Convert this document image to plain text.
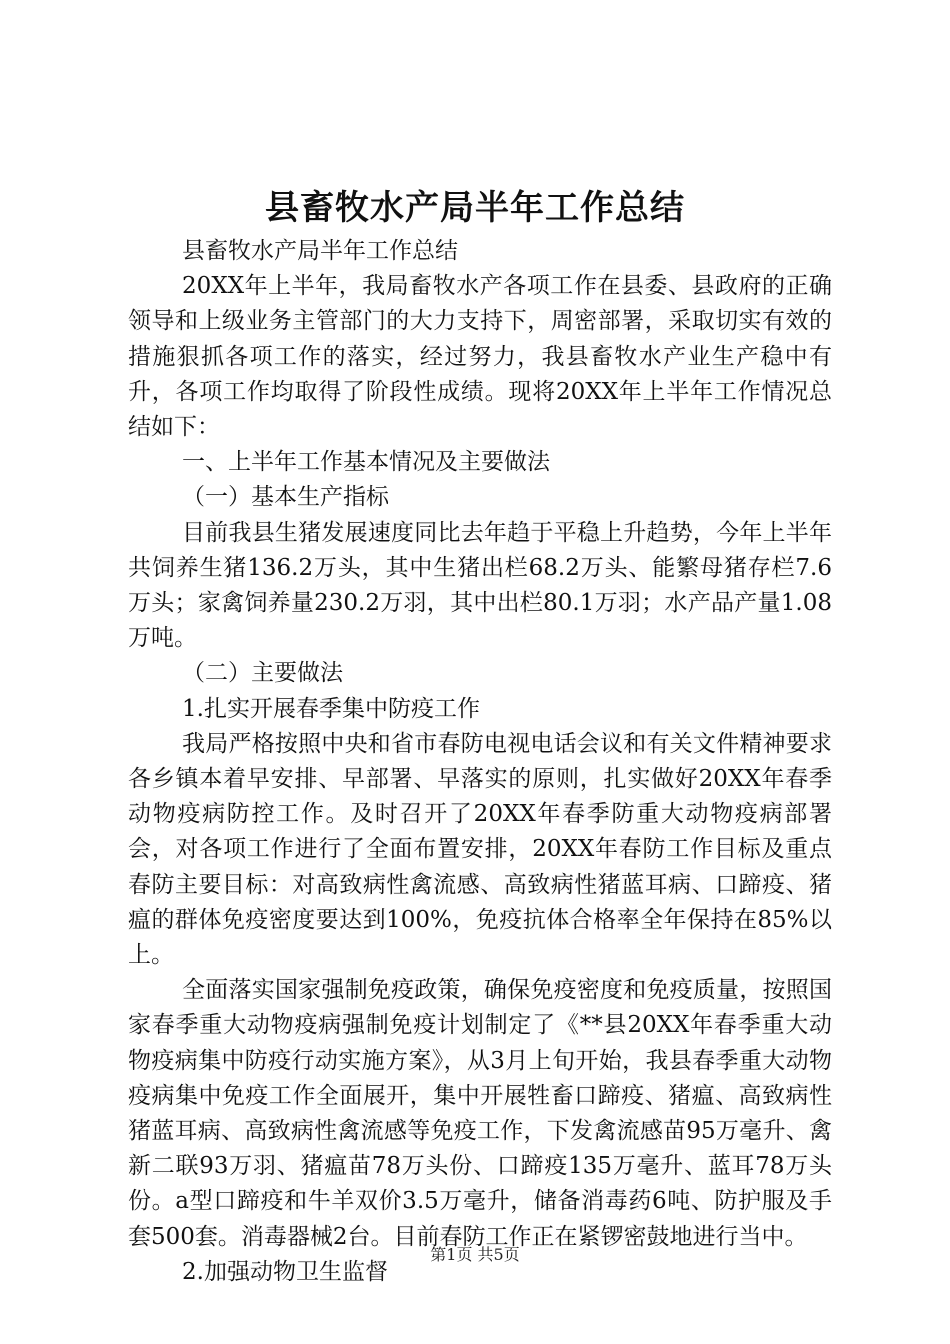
县畜牧水产局半年工作总结

县畜牧水产局半年工作总结

20XX年上半年，我局畜牧水产各项工作在县委、县政府的正确领导和上级业务主管部门的大力支持下，周密部署，采取切实有效的措施狠抓各项工作的落实，经过努力，我县畜牧水产业生产稳中有升，各项工作均取得了阶段性成绩。现将20XX年上半年工作情况总结如下：

一、上半年工作基本情况及主要做法

（一）基本生产指标

目前我县生猪发展速度同比去年趋于平稳上升趋势，今年上半年共饲养生猪136.2万头，其中生猪出栏68.2万头、能繁母猪存栏7.6万头；家禽饲养量230.2万羽，其中出栏80.1万羽；水产品产量1.08万吨。

（二）主要做法

1.扎实开展春季集中防疫工作

我局严格按照中央和省市春防电视电话会议和有关文件精神要求各乡镇本着早安排、早部署、早落实的原则，扎实做好20XX年春季动物疫病防控工作。及时召开了20XX年春季防重大动物疫病部署会，对各项工作进行了全面布置安排，20XX年春防工作目标及重点春防主要目标：对高致病性禽流感、高致病性猪蓝耳病、口蹄疫、猪瘟的群体免疫密度要达到100%，免疫抗体合格率全年保持在85%以上。

全面落实国家强制免疫政策，确保免疫密度和免疫质量，按照国家春季重大动物疫病强制免疫计划制定了《**县20XX年春季重大动物疫病集中防疫行动实施方案》，从3月上旬开始，我县春季重大动物疫病集中免疫工作全面展开，集中开展牲畜口蹄疫、猪瘟、高致病性猪蓝耳病、高致病性禽流感等免疫工作，下发禽流感苗95万毫升、禽新二联93万羽、猪瘟苗78万头份、口蹄疫135万毫升、蓝耳78万头份。a型口蹄疫和牛羊双价3.5万毫升，储备消毒药6吨、防护服及手套500套。消毒器械2台。目前春防工作正在紧锣密鼓地进行当中。

2.加强动物卫生监督

第1页 共5页
